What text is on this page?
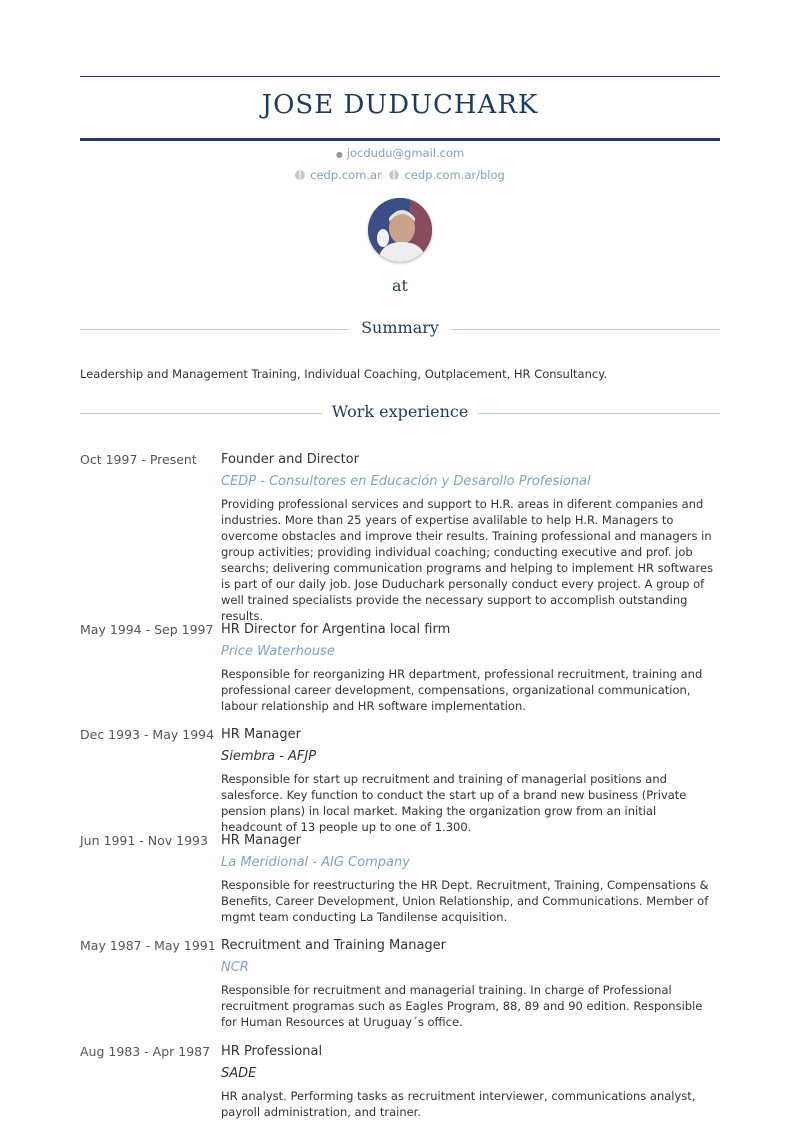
JOSE DUDUCHARK
● jocdudu@gmail.com
cedp.com.ar cedp.com.ar/blog
at
Summary
Leadership and Management Training, Individual Coaching, Outplacement, HR Consultancy.
Work experience
Oct 1997 - Present	Founder and Director
CEDP - Consultores en Educación y Desarollo Profesional
Providing professional services and support to H.R. areas in diferent companies and industries. More than 25 years of expertise avalilable to help H.R. Managers to overcome obstacles and improve their results. Training professional and managers in group activities; providing individual coaching; conducting executive and prof. job searchs; delivering communication programs and helping to implement HR softwares is part of our daily job. Jose Duduchark personally conduct every project. A group of well trained specialists provide the necessary support to accomplish outstanding results.
May 1994 - Sep 1997 HR Director for Argentina local firm
Price Waterhouse
Responsible for reorganizing HR department, professional recruitment, training and professional career development, compensations, organizational communication, labour relationship and HR software implementation.
Dec 1993 - May 1994 HR Manager
Siembra - AFJP
Responsible for start up recruitment and training of managerial positions and salesforce. Key function to conduct the start up of a brand new business (Private pension plans) in local market. Making the organization grow from an initial headcount of 13 people up to one of 1.300.
Jun 1991 - Nov 1993	HR Manager
La Meridional - AIG Company
Responsible for reestructuring the HR Dept. Recruitment, Training, Compensations & Benefits, Career Development, Union Relationship, and Communications. Member of mgmt team conducting La Tandilense acquisition.
May 1987 - May 1991 Recruitment and Training Manager
NCR
Responsible for recruitment and managerial training. In charge of Professional recruitment programas such as Eagles Program, 88, 89 and 90 edition. Responsible for Human Resources at Uruguay´s office.
Aug 1983 - Apr 1987 HR Professional
SADE
HR analyst. Performing tasks as recruitment interviewer, communications analyst, payroll administration, and trainer.
